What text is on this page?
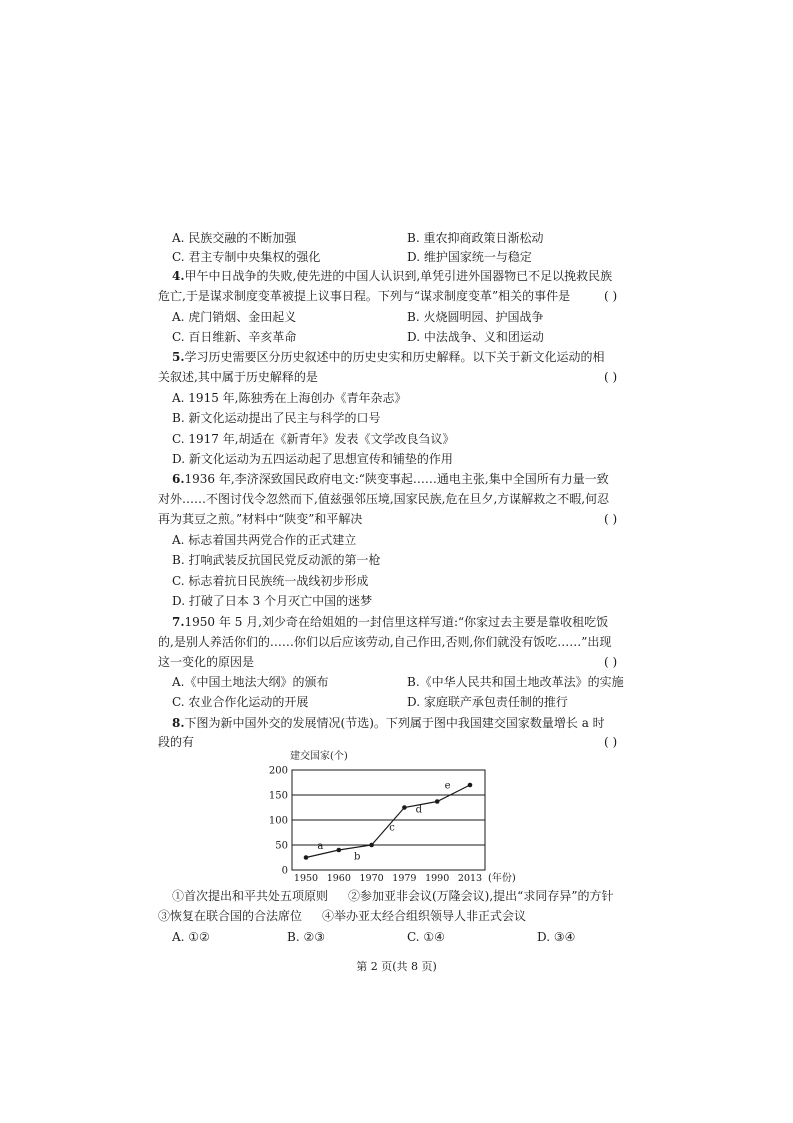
A. 民族交融的不断加强	B. 重农抑商政策日渐松动
C. 君主专制中央集权的强化	D. 维护国家统一与稳定
4.甲午中日战争的失败,使先进的中国人认识到,单凭引进外国器物已不足以挽救民族
危亡,于是谋求制度变革被提上议事日程。下列与“谋求制度变革”相关的事件是	( )
A. 虎门销烟、金田起义	B. 火烧圆明园、护国战争
C. 百日维新、辛亥革命	D. 中法战争、义和团运动
5.学习历史需要区分历史叙述中的历史史实和历史解释。以下关于新文化运动的相
关叙述,其中属于历史解释的是	( )
A. 1915 年,陈独秀在上海创办《青年杂志》
B. 新文化运动提出了民主与科学的口号
C. 1917 年,胡适在《新青年》发表《文学改良刍议》
D. 新文化运动为五四运动起了思想宣传和铺垫的作用
6.1936 年,李济深致国民政府电文:“陕变事起……通电主张,集中全国所有力量一致
对外……不图讨伐令忽然而下,值兹强邻压境,国家民族,危在旦夕,方谋解救之不暇,何忍
再为萁豆之煎。”材料中“陕变”和平解决	( )
A. 标志着国共两党合作的正式建立
B. 打响武装反抗国民党反动派的第一枪
C. 标志着抗日民族统一战线初步形成
D. 打破了日本 3 个月灭亡中国的迷梦
7.1950 年 5 月,刘少奇在给姐姐的一封信里这样写道:“你家过去主要是靠收租吃饭
的,是别人养活你们的……你们以后应该劳动,自己作田,否则,你们就没有饭吃……”出现
这一变化的原因是	( )
A.《中国土地法大纲》的颁布	B.《中华人民共和国土地改革法》的实施
C. 农业合作化运动的开展	D. 家庭联产承包责任制的推行
8.下图为新中国外交的发展情况(节选)。下列属于图中我国建交国家数量增长 a 时
段的有	( )
建交国家(个)
0
50
100
150
200
1950 1960 1970 1979 1990 2013
a
b
c
d
e
(年份)
①首次提出和平共处五项原则 ②参加亚非会议(万隆会议),提出“求同存异”的方针
③恢复在联合国的合法席位 ④举办亚太经合组织领导人非正式会议
A. ①②	B. ②③	C. ①④	D. ③④
第 2 页(共 8 页)
